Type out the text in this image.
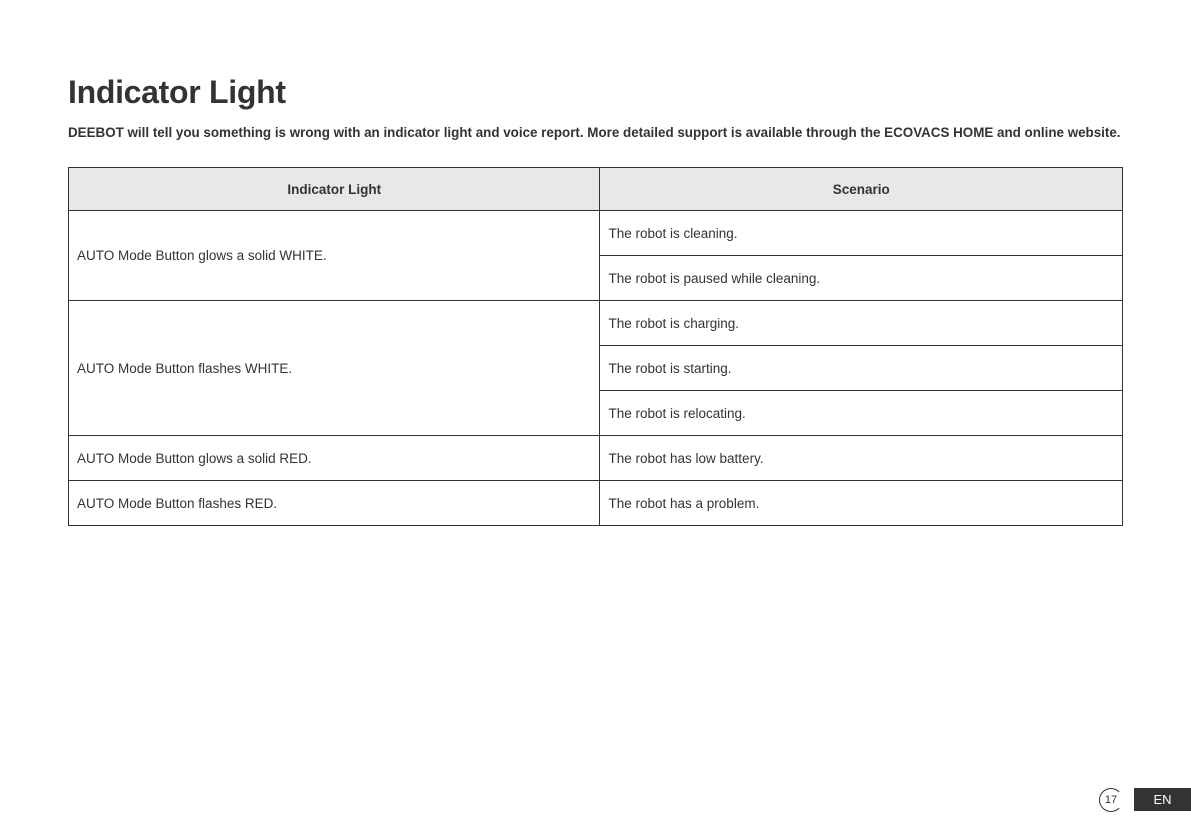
Indicator Light

DEEBOT will tell you something is wrong with an indicator light and voice report. More detailed support is available through the ECOVACS HOME and online website.

Indicator Light	Scenario
AUTO Mode Button glows a solid WHITE.	The robot is cleaning.
	The robot is paused while cleaning.
AUTO Mode Button flashes WHITE.	The robot is charging.
	The robot is starting.
	The robot is relocating.
AUTO Mode Button glows a solid RED.	The robot has low battery.
AUTO Mode Button flashes RED.	The robot has a problem.
17	EN
